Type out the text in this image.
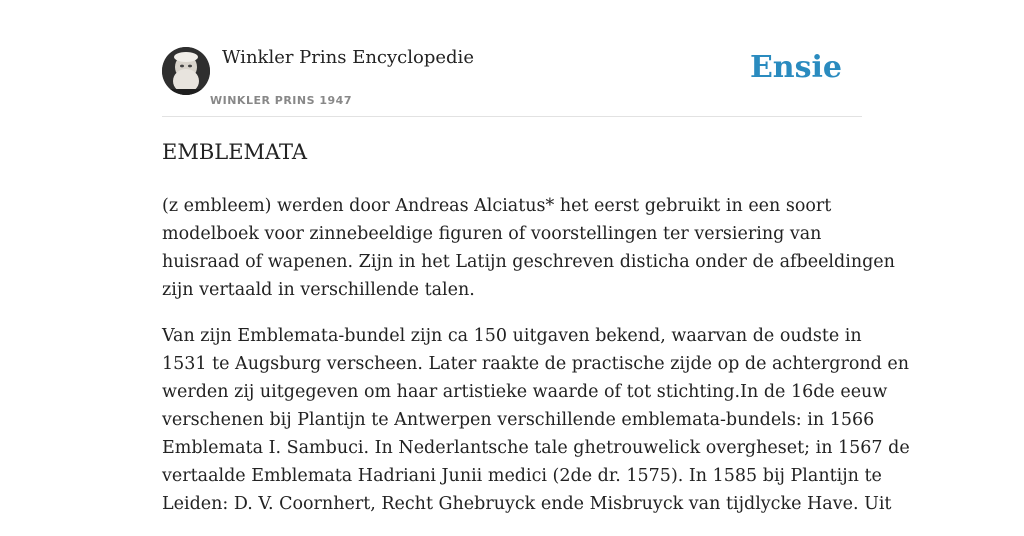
Winkler Prins Encyclopedie
WINKLER PRINS 1947
Ensie
EMBLEMATA

(z embleem) werden door Andreas Alciatus* het eerst gebruikt in een soort
modelboek voor zinnebeeldige figuren of voorstellingen ter versiering van
huisraad of wapenen. Zijn in het Latijn geschreven disticha onder de afbeeldingen
zijn vertaald in verschillende talen.

Van zijn Emblemata-bundel zijn ca 150 uitgaven bekend, waarvan de oudste in
1531 te Augsburg verscheen. Later raakte de practische zijde op de achtergrond en
werden zij uitgegeven om haar artistieke waarde of tot stichting.In de 16de eeuw
verschenen bij Plantijn te Antwerpen verschillende emblemata-bundels: in 1566
Emblemata I. Sambuci. In Nederlantsche tale ghetrouwelick overgheset; in 1567 de
vertaalde Emblemata Hadriani Junii medici (2de dr. 1575). In 1585 bij Plantijn te
Leiden: D. V. Coornhert, Recht Ghebruyck ende Misbruyck van tijdlycke Have. Uit
